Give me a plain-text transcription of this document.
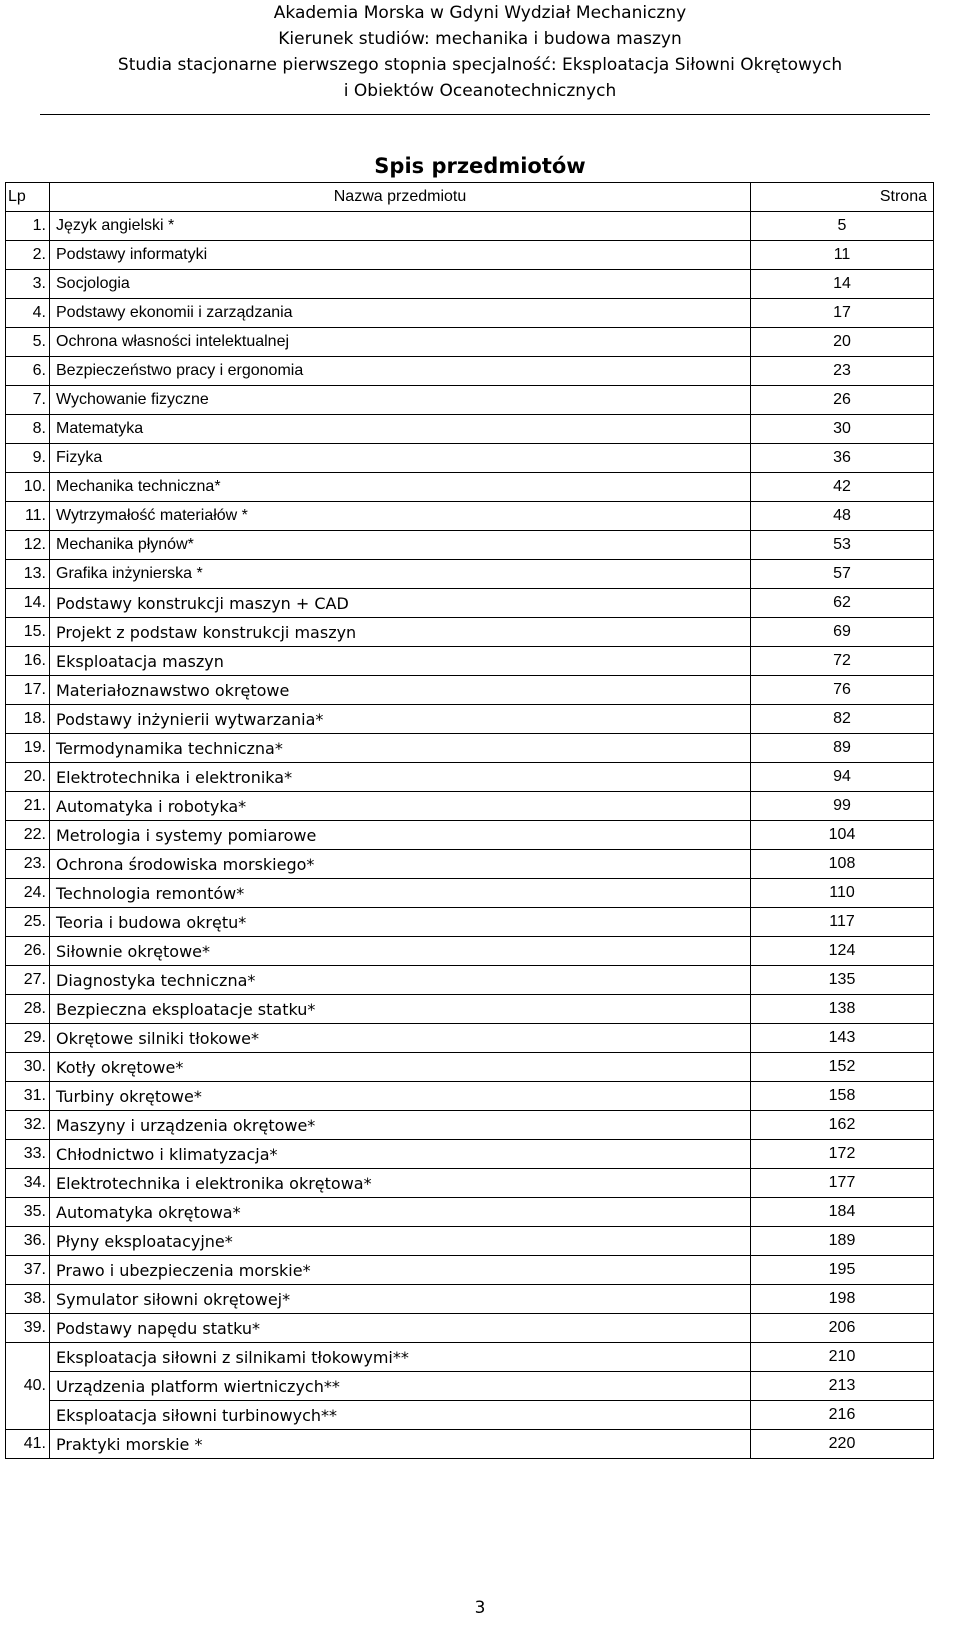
Akademia Morska w Gdyni Wydział Mechaniczny
Kierunek studiów: mechanika i budowa maszyn
Studia stacjonarne pierwszego stopnia specjalność: Eksploatacja Siłowni Okrętowych
i Obiektów Oceanotechnicznych
Spis przedmiotów
Lp	Nazwa przedmiotu	Strona
1.	Język angielski *	5
2.	Podstawy informatyki	11
3.	Socjologia	14
4.	Podstawy ekonomii i zarządzania	17
5.	Ochrona własności intelektualnej	20
6.	Bezpieczeństwo pracy i ergonomia	23
7.	Wychowanie fizyczne	26
8.	Matematyka	30
9.	Fizyka	36
10.	Mechanika techniczna*	42
11.	Wytrzymałość materiałów *	48
12.	Mechanika płynów*	53
13.	Grafika inżynierska *	57
14.	Podstawy konstrukcji maszyn + CAD	62
15.	Projekt z podstaw konstrukcji maszyn	69
16.	Eksploatacja maszyn	72
17.	Materiałoznawstwo okrętowe	76
18.	Podstawy inżynierii wytwarzania*	82
19.	Termodynamika techniczna*	89
20.	Elektrotechnika i elektronika*	94
21.	Automatyka i robotyka*	99
22.	Metrologia i systemy pomiarowe	104
23.	Ochrona środowiska morskiego*	108
24.	Technologia remontów*	110
25.	Teoria i budowa okrętu*	117
26.	Siłownie okrętowe*	124
27.	Diagnostyka techniczna*	135
28.	Bezpieczna eksploatacje statku*	138
29.	Okrętowe silniki tłokowe*	143
30.	Kotły okrętowe*	152
31.	Turbiny okrętowe*	158
32.	Maszyny i urządzenia okrętowe*	162
33.	Chłodnictwo i klimatyzacja*	172
34.	Elektrotechnika i elektronika okrętowa*	177
35.	Automatyka okrętowa*	184
36.	Płyny eksploatacyjne*	189
37.	Prawo i ubezpieczenia morskie*	195
38.	Symulator siłowni okrętowej*	198
39.	Podstawy napędu statku*	206
40.	Eksploatacja siłowni z silnikami tłokowymi**	210
	Urządzenia platform wiertniczych**	213
	Eksploatacja siłowni turbinowych**	216
41.	Praktyki morskie *	220
3
